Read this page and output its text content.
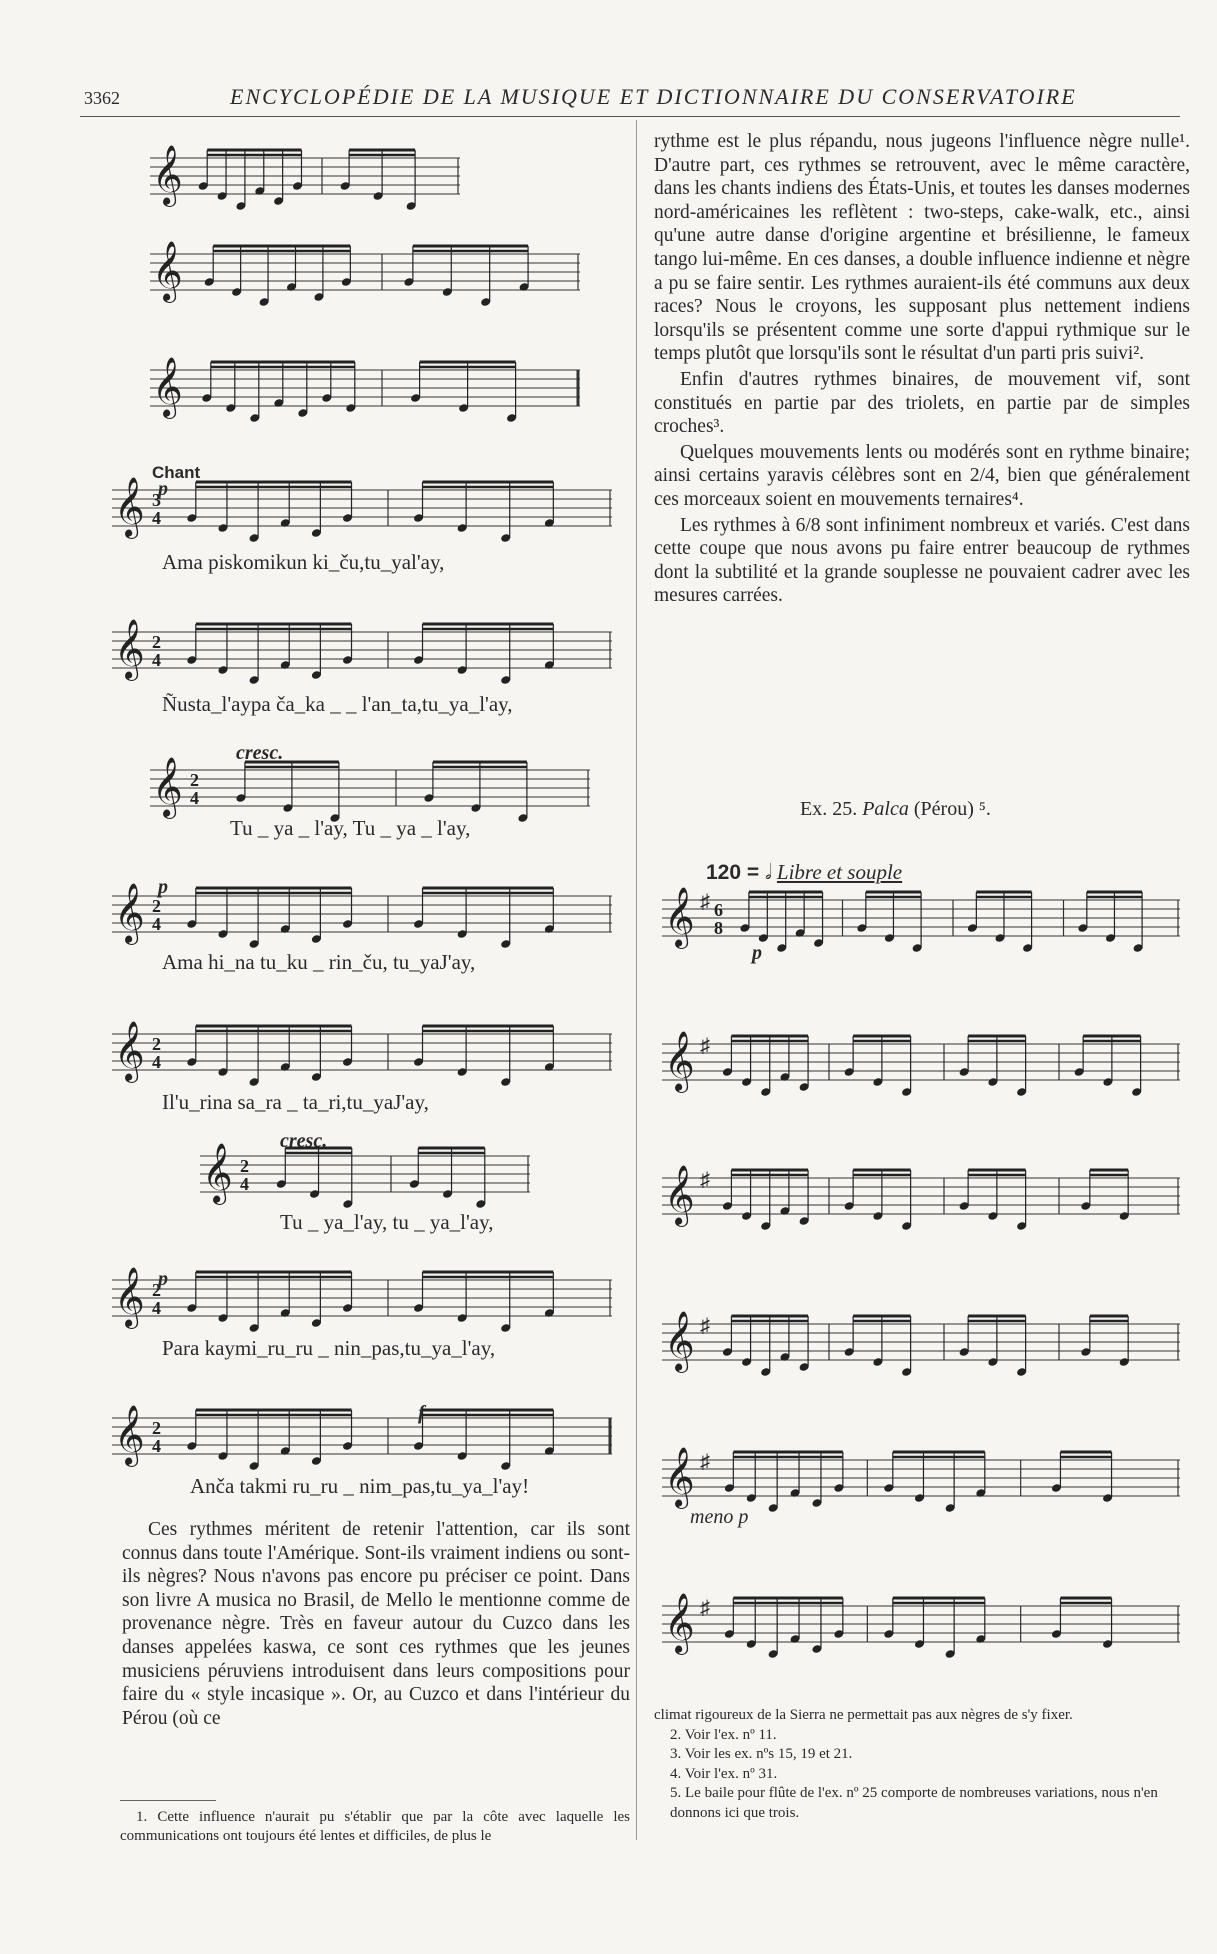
3362	ENCYCLOPÉDIE DE LA MUSIQUE ET DICTIONNAIRE DU CONSERVATOIRE
𝄞
𝄞
𝄞
𝄞 3
4
𝄞 2
4
𝄞 2
4
𝄞 2
4
𝄞 2
4
𝄞 2
4
𝄞 2
4
𝄞 2
4
Chant
p
cresc.
p
cresc.
p
f
Ama piskomikun ki_ču,tu_yal'ay,
Ñusta_l'aypa ča_ka _ _ l'an_ta,tu_ya_l'ay,
Tu _ ya _ l'ay, Tu _ ya _ l'ay,
Ama hi_na tu_ku _ rin_ču, tu_yaJ'ay,
Il'u_rina sa_ra _ ta_ri,tu_yaJ'ay,
Tu _ ya_l'ay, tu _ ya_l'ay,
Para kaymi_ru_ru _ nin_pas,tu_ya_l'ay,
Anča takmi ru_ru _ nim_pas,tu_ya_l'ay!

rythme est le plus répandu, nous jugeons l'influence nègre nulle¹. D'autre part, ces rythmes se retrouvent, avec le même caractère, dans les chants indiens des États-Unis, et toutes les danses modernes nord-américaines les reflètent : two-steps, cake-walk, etc., ainsi qu'une autre danse d'origine argentine et brésilienne, le fameux tango lui-même. En ces danses, a double influence indienne et nègre a pu se faire sentir. Les rythmes auraient-ils été communs aux deux races? Nous le croyons, les supposant plus nettement indiens lorsqu'ils se présentent comme une sorte d'appui rythmique sur le temps plutôt que lorsqu'ils sont le résultat d'un parti pris suivi².

Enfin d'autres rythmes binaires, de mouvement vif, sont constitués en partie par des triolets, en partie par de simples croches³.

Quelques mouvements lents ou modérés sont en rythme binaire; ainsi certains yaravis célèbres sont en 2/4, bien que généralement ces morceaux soient en mouvements ternaires⁴.

Les rythmes à 6/8 sont infiniment nombreux et variés. C'est dans cette coupe que nous avons pu faire entrer beaucoup de rythmes dont la subtilité et la grande souplesse ne pouvaient cadrer avec les mesures carrées.

Ex. 25. Palca (Pérou) ⁵.
120 = 𝅗𝅥 Libre et souple
p
meno p
𝄞 ♯ 6
8
𝄞 ♯
𝄞 ♯
𝄞 ♯
𝄞 ♯
𝄞 ♯

Ces rythmes méritent de retenir l'attention, car ils sont connus dans toute l'Amérique. Sont-ils vraiment indiens ou sont-ils nègres? Nous n'avons pas encore pu préciser ce point. Dans son livre A musica no Brasil, de Mello le mentionne comme de provenance nègre. Très en faveur autour du Cuzco dans les danses appelées kaswa, ce sont ces rythmes que les jeunes musiciens péruviens introduisent dans leurs compositions pour faire du « style incasique ». Or, au Cuzco et dans l'intérieur du Pérou (où ce

1. Cette influence n'aurait pu s'établir que par la côte avec laquelle les communications ont toujours été lentes et difficiles, de plus le

climat rigoureux de la Sierra ne permettait pas aux nègres de s'y fixer.

2. Voir l'ex. nº 11.

3. Voir les ex. nºs 15, 19 et 21.

4. Voir l'ex. nº 31.

5. Le baile pour flûte de l'ex. nº 25 comporte de nombreuses variations, nous n'en donnons ici que trois.
